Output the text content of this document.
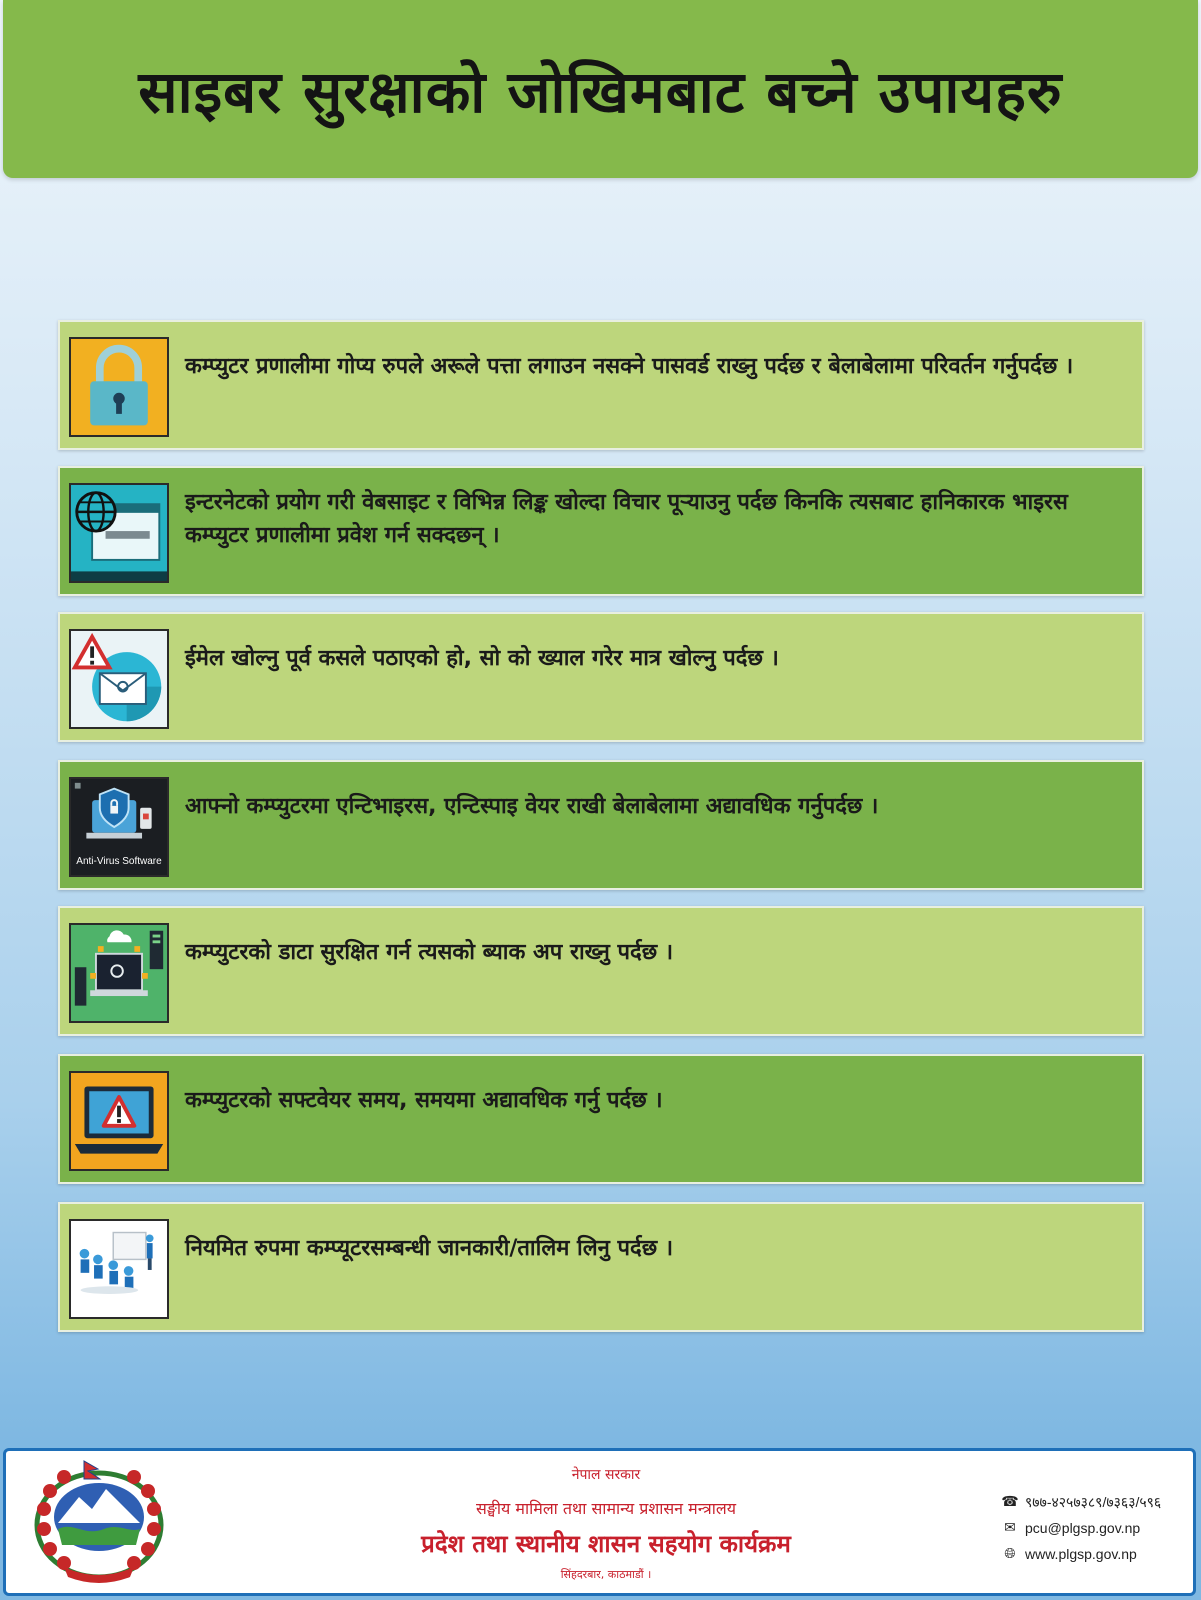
साइबर सुरक्षाको जोखिमबाट बच्ने उपायहरु
कम्प्युटर प्रणालीमा गोप्य रुपले अरूले पत्ता लगाउन नसक्ने पासवर्ड राख्नु पर्दछ र बेलाबेलामा परिवर्तन गर्नुपर्दछ ।
इन्टरनेटको प्रयोग गरी वेबसाइट र विभिन्न लिङ्क खोल्दा विचार पूऱ्याउनु पर्दछ किनकि त्यसबाट हानिकारक भाइरस कम्प्युटर प्रणालीमा प्रवेश गर्न सक्दछन् ।
ईमेल खोल्नु पूर्व कसले पठाएको हो, सो को ख्याल गरेर मात्र खोल्नु पर्दछ ।
Anti-Virus Software
आफ्नो कम्प्युटरमा एन्टिभाइरस, एन्टिस्पाइ वेयर राखी बेलाबेलामा अद्यावधिक गर्नुपर्दछ ।
कम्प्युटरको डाटा सुरक्षित गर्न त्यसको ब्याक अप राख्नु पर्दछ ।
कम्प्युटरको सफ्टवेयर समय, समयमा अद्यावधिक गर्नु पर्दछ ।
नियमित रुपमा कम्प्यूटरसम्बन्धी जानकारी/तालिम लिनु पर्दछ ।
नेपाल सरकार
सङ्घीय मामिला तथा सामान्य प्रशासन मन्त्रालय
प्रदेश तथा स्थानीय शासन सहयोग कार्यक्रम
सिंहदरबार, काठमाडौं ।
☎ ९७७-४२५७३८९/७३६३/५९६
✉ pcu@plgsp.gov.np
🌐︎ www.plgsp.gov.np
